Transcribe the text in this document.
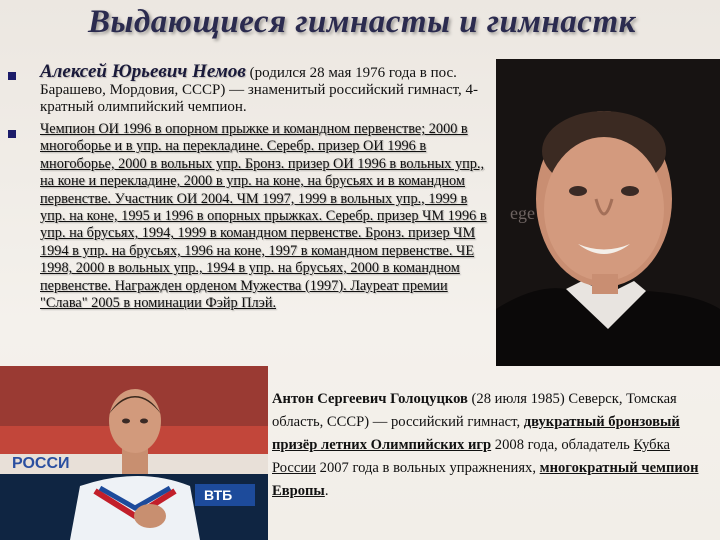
Выдающиеся гимнасты и гимнастк
Алексей Юрьевич Немов (родился 28 мая 1976 года в пос. Барашево, Мордовия, СССР) — знаменитый российский гимнаст, 4-кратный олимпийский чемпион.
Чемпион ОИ 1996 в опорном прыжке и командном первенстве; 2000 в многоборье и в упр. на перекладине. Серебр. призер ОИ 1996 в многоборье, 2000 в вольных упр. Бронз. призер ОИ 1996 в вольных упр., на коне и перекладине, 2000 в упр. на коне, на брусьях и в командном первенстве. Участник ОИ 2004. ЧМ 1997, 1999 в вольных упр., 1999 в упр. на коне, 1995 и 1996 в опорных прыжках. Серебр. призер ЧМ 1996 в упр. на брусьях, 1994, 1999 в командном первенстве. Бронз. призер ЧМ 1994 в упр. на брусьях, 1996 на коне, 1997 в командном первенстве. ЧЕ 1998, 2000 в вольных упр., 1994 в упр. на брусьях, 2000 в командном первенстве. Награжден орденом Мужества (1997). Лауреат премии "Слава" 2005 в номинации Фэйр Плэй.
ege
РОССИ
ВТБ
Антон Сергеевич Голоцуцков (28 июля 1985) Северск, Томская область, СССР) — российский гимнаст, двукратный бронзовый призёр летних Олимпийских игр 2008 года, обладатель Кубка России 2007 года в вольных упражнениях, многократный чемпион Европы.
